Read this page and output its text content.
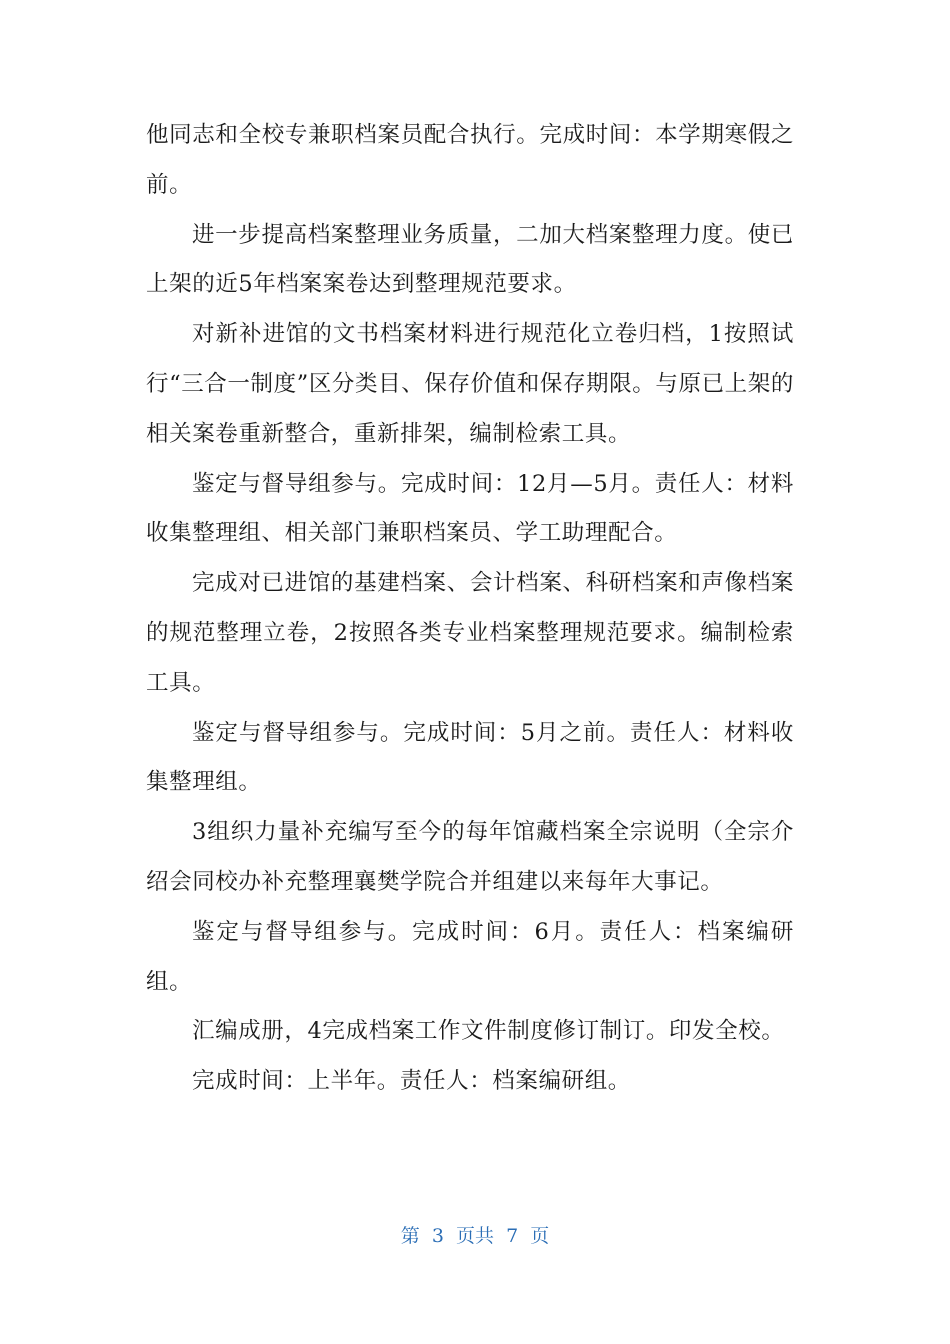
他同志和全校专兼职档案员配合执行。完成时间：本学期寒假之前。

进一步提高档案整理业务质量，二加大档案整理力度。使已上架的近5年档案案卷达到整理规范要求。

对新补进馆的文书档案材料进行规范化立卷归档，1按照试行“三合一制度”区分类目、保存价值和保存期限。与原已上架的相关案卷重新整合，重新排架，编制检索工具。

鉴定与督导组参与。完成时间：12月—5月。责任人：材料收集整理组、相关部门兼职档案员、学工助理配合。

完成对已进馆的基建档案、会计档案、科研档案和声像档案的规范整理立卷，2按照各类专业档案整理规范要求。编制检索工具。

鉴定与督导组参与。完成时间：5月之前。责任人：材料收集整理组。

3组织力量补充编写至今的每年馆藏档案全宗说明（全宗介绍会同校办补充整理襄樊学院合并组建以来每年大事记。

鉴定与督导组参与。完成时间：6月。责任人：档案编研组。

汇编成册，4完成档案工作文件制度修订制订。印发全校。

完成时间：上半年。责任人：档案编研组。

第  3  页共  7  页
